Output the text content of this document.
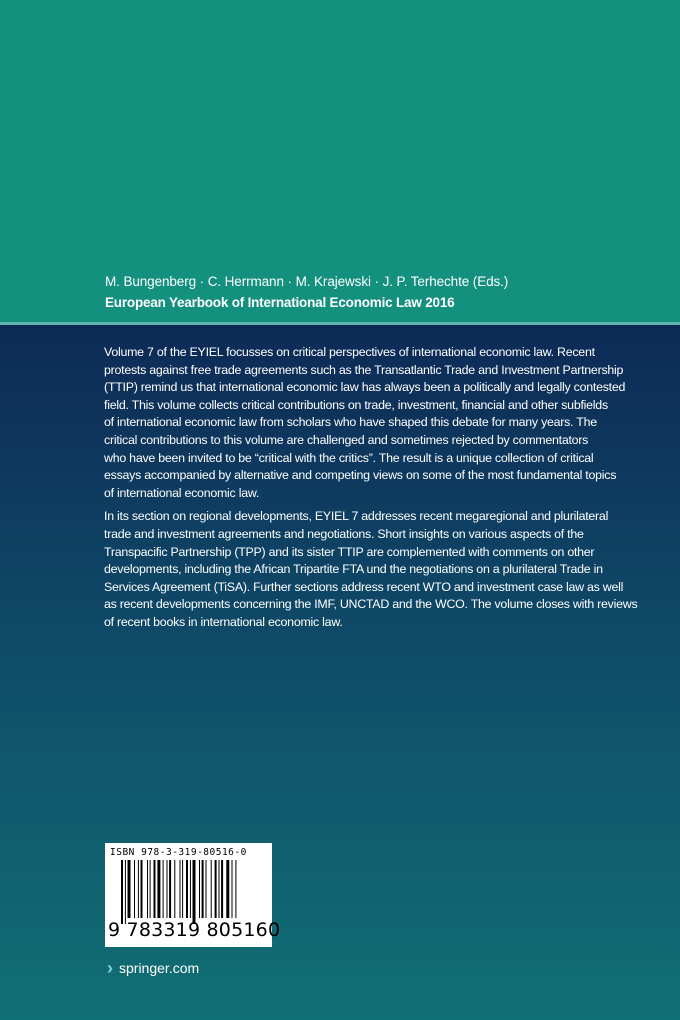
M. Bungenberg · C. Herrmann · M. Krajewski · J. P. Terhechte (Eds.)
European Yearbook of International Economic Law 2016

Volume 7 of the EYIEL focusses on critical perspectives of international economic law. Recent
protests against free trade agreements such as the Transatlantic Trade and Investment Partnership
(TTIP) remind us that international economic law has always been a politically and legally contested
field. This volume collects critical contributions on trade, investment, financial and other subfields
of international economic law from scholars who have shaped this debate for many years. The
critical contributions to this volume are challenged and sometimes rejected by commentators
who have been invited to be “critical with the critics”. The result is a unique collection of critical
essays accompanied by alternative and competing views on some of the most fundamental topics
of international economic law.

In its section on regional developments, EYIEL 7 addresses recent megaregional and plurilateral
trade and investment agreements and negotiations. Short insights on various aspects of the
Transpacific Partnership (TPP) and its sister TTIP are complemented with comments on other
developments, including the African Tripartite FTA und the negotiations on a plurilateral Trade in
Services Agreement (TiSA). Further sections address recent WTO and investment case law as well
as recent developments concerning the IMF, UNCTAD and the WCO. The volume closes with reviews
of recent books in international economic law.

ISBN 978-3-319-80516-0
9 783319 805160
› springer.com
